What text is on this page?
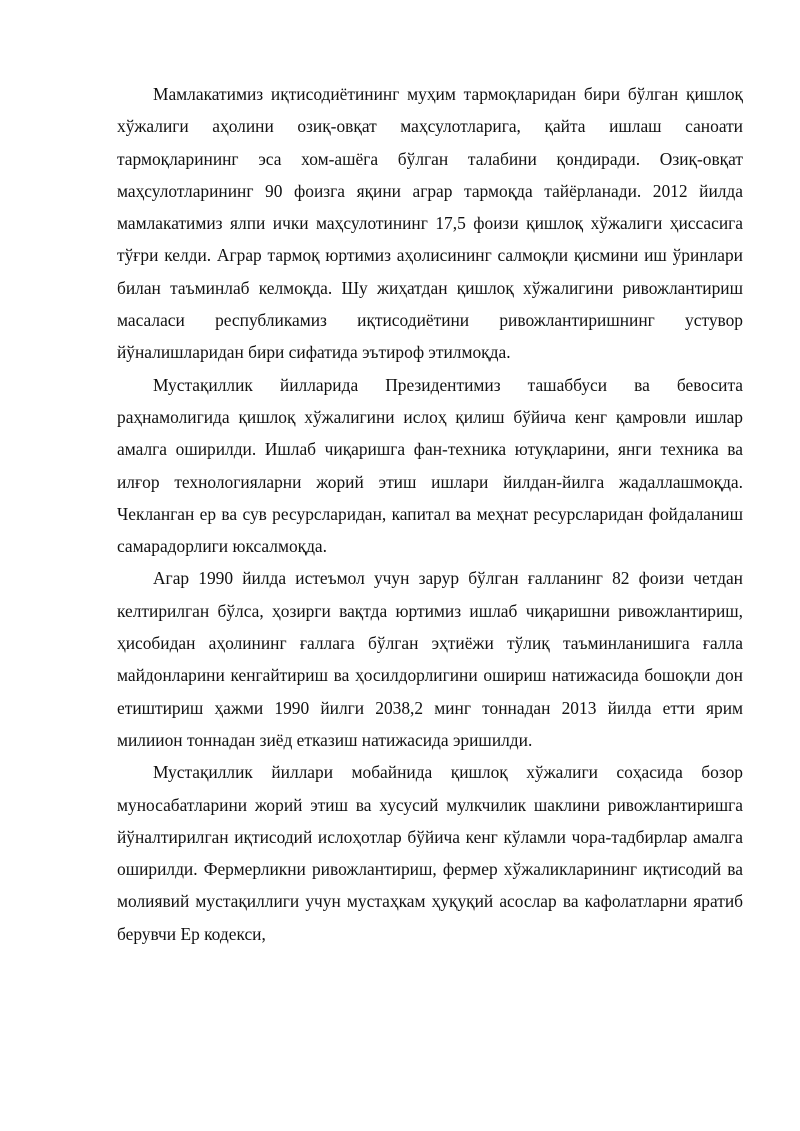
Мамлакатимиз иқтисодиётининг муҳим тармоқларидан бири бўлган қишлоқ хўжалиги аҳолини озиқ-овқат маҳсулотларига, қайта ишлаш саноати тармоқларининг эса хом-ашёга бўлган талабини қондиради. Озиқ-овқат маҳсулотларининг 90 фоизга яқини аграр тармоқда тайёрланади. 2012 йилда мамлакатимиз ялпи ички маҳсулотининг 17,5 фоизи қишлоқ хўжалиги ҳиссасига тўғри келди. Аграр тармоқ юртимиз аҳолисининг салмоқли қисмини иш ўринлари билан таъминлаб келмоқда. Шу жиҳатдан қишлоқ хўжалигини ривожлантириш масаласи республикамиз иқтисодиётини ривожлантиришнинг устувор йўналишларидан бири сифатида эътироф этилмоқда.

Мустақиллик йилларида Президентимиз ташаббуси ва бевосита раҳнамолигида қишлоқ хўжалигини ислоҳ қилиш бўйича кенг қамровли ишлар амалга оширилди. Ишлаб чиқаришга фан-техника ютуқларини, янги техника ва илғор технологияларни жорий этиш ишлари йилдан-йилга жадаллашмоқда. Чекланган ер ва сув ресурсларидан, капитал ва меҳнат ресурсларидан фойдаланиш самарадорлиги юксалмоқда.

Агар 1990 йилда истеъмол учун зарур бўлган ғалланинг 82 фоизи четдан келтирилган бўлса, ҳозирги вақтда юртимиз ишлаб чиқаришни ривожлантириш, ҳисобидан аҳолининг ғаллага бўлган эҳтиёжи тўлиқ таъминланишига ғалла майдонларини кенгайтириш ва ҳосилдорлигини ошириш натижасида бошоқли дон етиштириш ҳажми 1990 йилги 2038,2 минг тоннадан 2013 йилда етти ярим милиион тоннадан зиёд етказиш натижасида эришилди.

Мустақиллик йиллари мобайнида қишлоқ хўжалиги соҳасида бозор муносабатларини жорий этиш ва хусусий мулкчилик шаклини ривожлантиришга йўналтирилган иқтисодий ислоҳотлар бўйича кенг кўламли чора-тадбирлар амалга оширилди. Фермерликни ривожлантириш, фермер хўжаликларининг иқтисодий ва молиявий мустақиллиги учун мустаҳкам ҳуқуқий асослар ва кафолатларни яратиб берувчи Ер кодекси,
